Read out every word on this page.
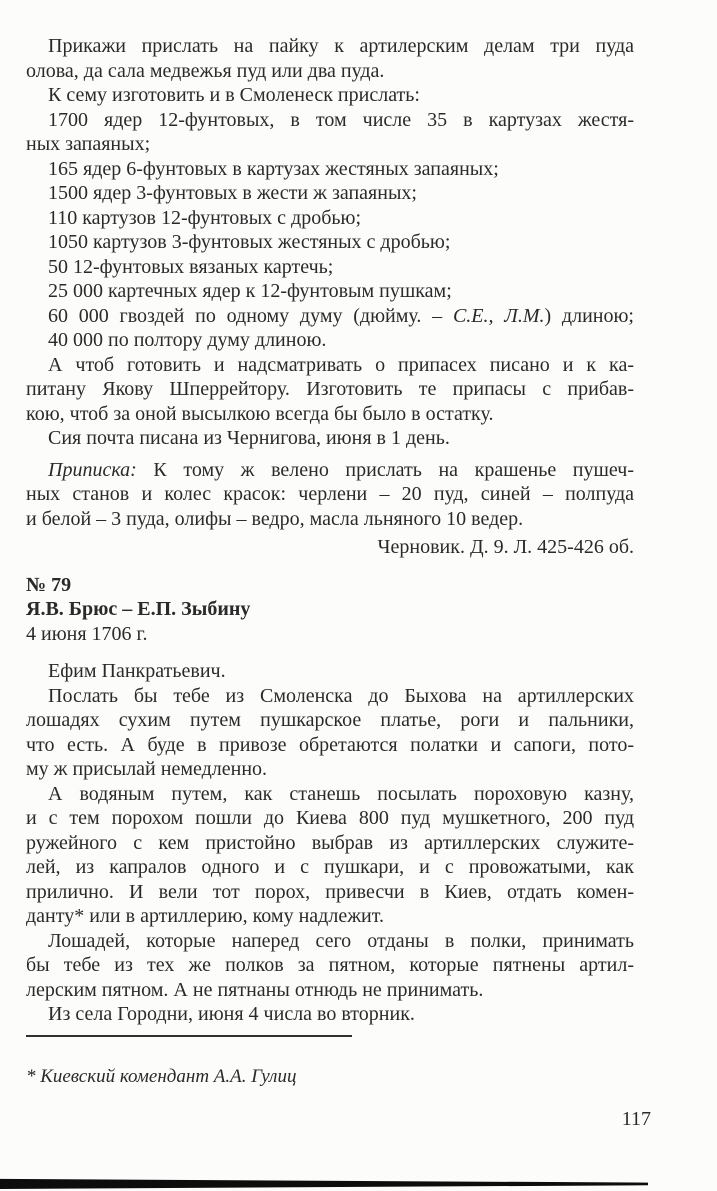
Прикажи прислать на пайку к артилерским делам три пуда
олова, да сала медвежья пуд или два пуда.
К сему изготовить и в Смоленеск прислать:
1700 ядер 12-фунтовых, в том числе 35 в картузах жестя-
ных запаяных;
165 ядер 6-фунтовых в картузах жестяных запаяных;
1500 ядер 3-фунтовых в жести ж запаяных;
110 картузов 12-фунтовых с дробью;
1050 картузов 3-фунтовых жестяных с дробью;
50 12-фунтовых вязаных картечь;
25 000 картечных ядер к 12-фунтовым пушкам;
60 000 гвоздей по одному думу (дюйму. – С.Е., Л.М.) длиною;
40 000 по полтору думу длиною.
А чтоб готовить и надсматривать о припасех писано и к ка-
питану Якову Шперрейтору. Изготовить те припасы с прибав-
кою, чтоб за оной высылкою всегда бы было в остатку.
Сия почта писана из Чернигова, июня в 1 день.
Приписка: К тому ж велено прислать на крашенье пушеч-
ных станов и колес красок: черлени – 20 пуд, синей – полпуда
и белой – 3 пуда, олифы – ведро, масла льняного 10 ведер.
Черновик. Д. 9. Л. 425-426 об.
№ 79
Я.В. Брюс – Е.П. Зыбину
4 июня 1706 г.
Ефим Панкратьевич.
Послать бы тебе из Смоленска до Быхова на артиллерских
лошадях сухим путем пушкарское платье, роги и пальники,
что есть. А буде в привозе обретаются полатки и сапоги, пото-
му ж присылай немедленно.
А водяным путем, как станешь посылать пороховую казну,
и с тем порохом пошли до Киева 800 пуд мушкетного, 200 пуд
ружейного с кем пристойно выбрав из артиллерских служите-
лей, из капралов одного и с пушкари, и с провожатыми, как
прилично. И вели тот порох, привесчи в Киев, отдать комен-
данту* или в артиллерию, кому надлежит.
Лошадей, которые наперед сего отданы в полки, принимать
бы тебе из тех же полков за пятном, которые пятнены артил-
лерским пятном. А не пятнаны отнюдь не принимать.
Из села Городни, июня 4 числа во вторник.
* Киевский комендант А.А. Гулиц
117
